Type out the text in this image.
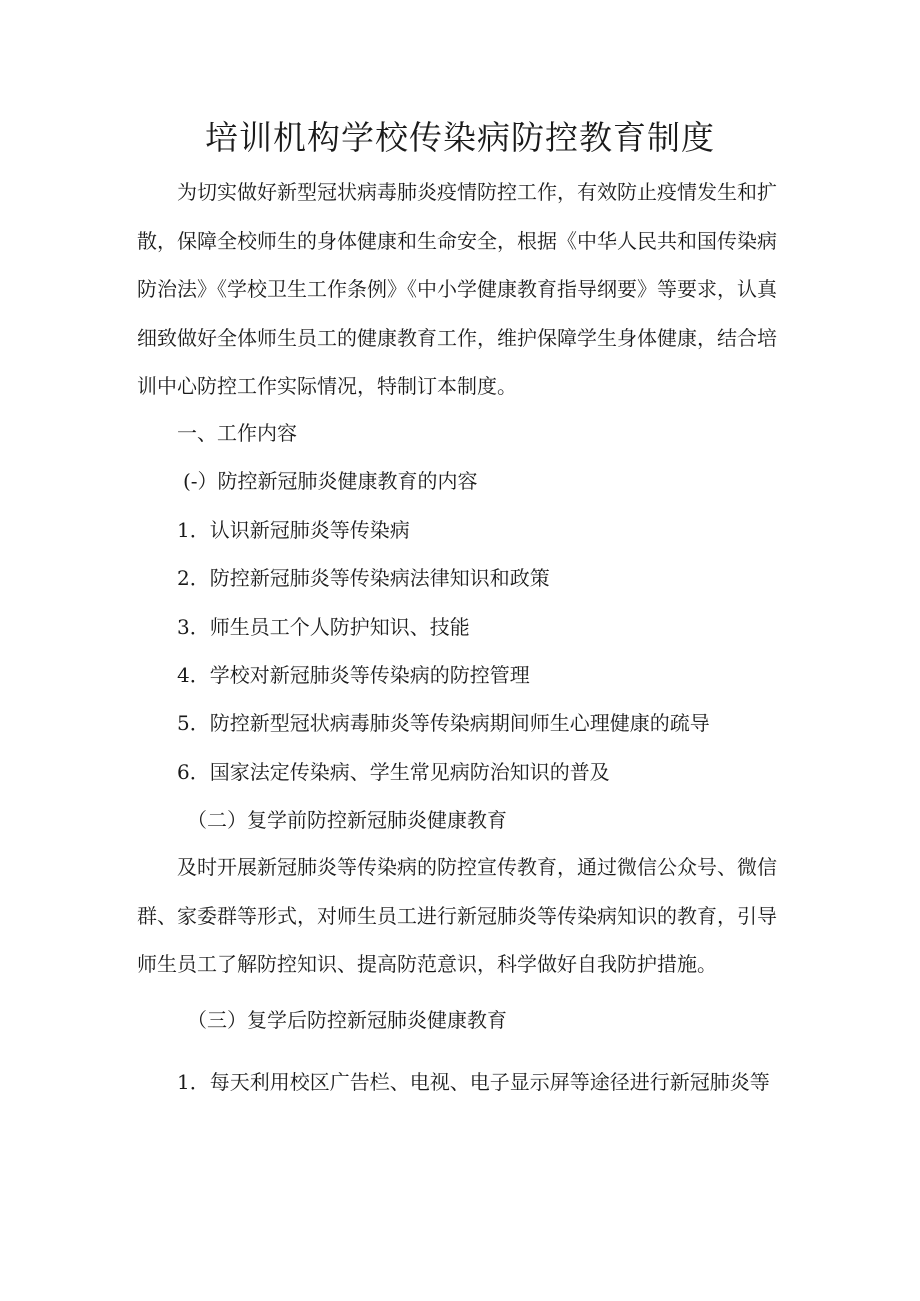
培训机构学校传染病防控教育制度
为切实做好新型冠状病毒肺炎疫情防控工作，有效防止疫情发生和扩散，保障全校师生的身体健康和生命安全，根据《中华人民共和国传染病防治法》《学校卫生工作条例》《中小学健康教育指导纲要》等要求，认真细致做好全体师生员工的健康教育工作，维护保障学生身体健康，结合培训中心防控工作实际情况，特制订本制度。
一、工作内容
(-）防控新冠肺炎健康教育的内容
1．认识新冠肺炎等传染病
2．防控新冠肺炎等传染病法律知识和政策
3．师生员工个人防护知识、技能
4．学校对新冠肺炎等传染病的防控管理
5．防控新型冠状病毒肺炎等传染病期间师生心理健康的疏导
6．国家法定传染病、学生常见病防治知识的普及
（二）复学前防控新冠肺炎健康教育
及时开展新冠肺炎等传染病的防控宣传教育，通过微信公众号、微信群、家委群等形式，对师生员工进行新冠肺炎等传染病知识的教育，引导师生员工了解防控知识、提高防范意识，科学做好自我防护措施。
（三）复学后防控新冠肺炎健康教育
1．每天利用校区广告栏、电视、电子显示屏等途径进行新冠肺炎等
